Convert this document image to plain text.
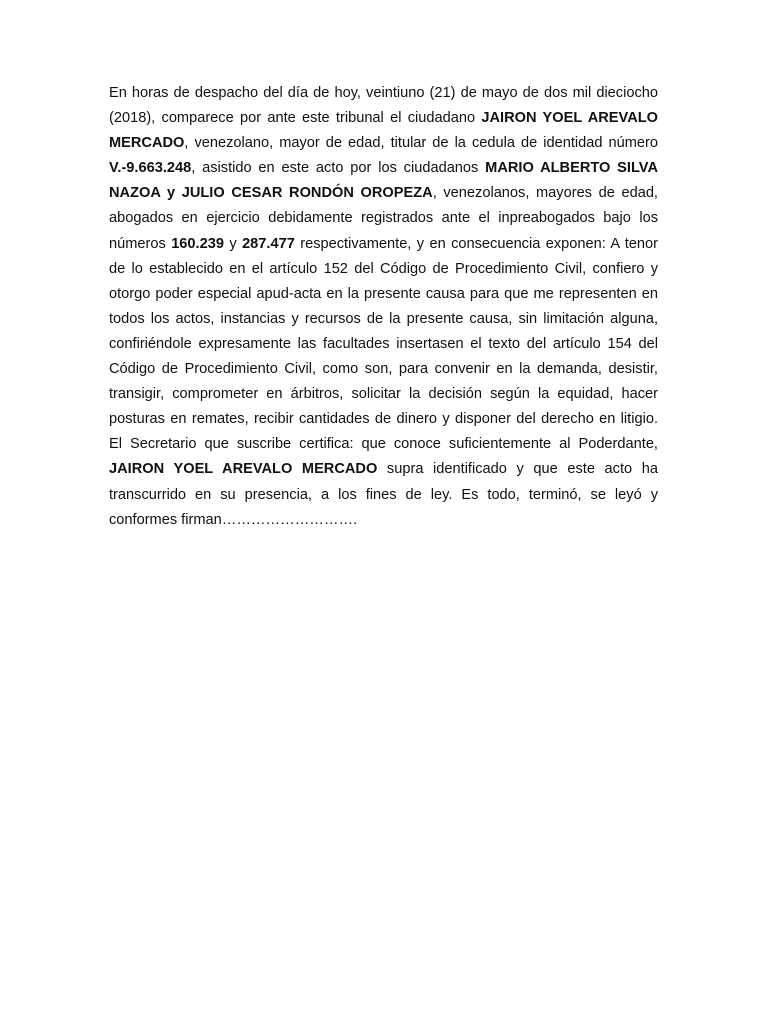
En horas de despacho del día de hoy, veintiuno (21) de mayo de dos mil dieciocho (2018), comparece por ante este tribunal el ciudadano JAIRON YOEL AREVALO MERCADO, venezolano, mayor de edad, titular de la cedula de identidad número V.-9.663.248, asistido en este acto por los ciudadanos MARIO ALBERTO SILVA NAZOA y JULIO CESAR RONDÓN OROPEZA, venezolanos, mayores de edad, abogados en ejercicio debidamente registrados ante el inpreabogados bajo los números 160.239 y 287.477 respectivamente, y en consecuencia exponen: A tenor de lo establecido en el artículo 152 del Código de Procedimiento Civil, confiero y otorgo poder especial apud-acta en la presente causa para que me representen en todos los actos, instancias y recursos de la presente causa, sin limitación alguna, confiriéndole expresamente las facultades insertasen el texto del artículo 154 del Código de Procedimiento Civil, como son, para convenir en la demanda, desistir, transigir, comprometer en árbitros, solicitar la decisión según la equidad, hacer posturas en remates, recibir cantidades de dinero y disponer del derecho en litigio. El Secretario que suscribe certifica: que conoce suficientemente al Poderdante, JAIRON YOEL AREVALO MERCADO supra identificado y que este acto ha transcurrido en su presencia, a los fines de ley. Es todo, terminó, se leyó y conformes firman……………………….
